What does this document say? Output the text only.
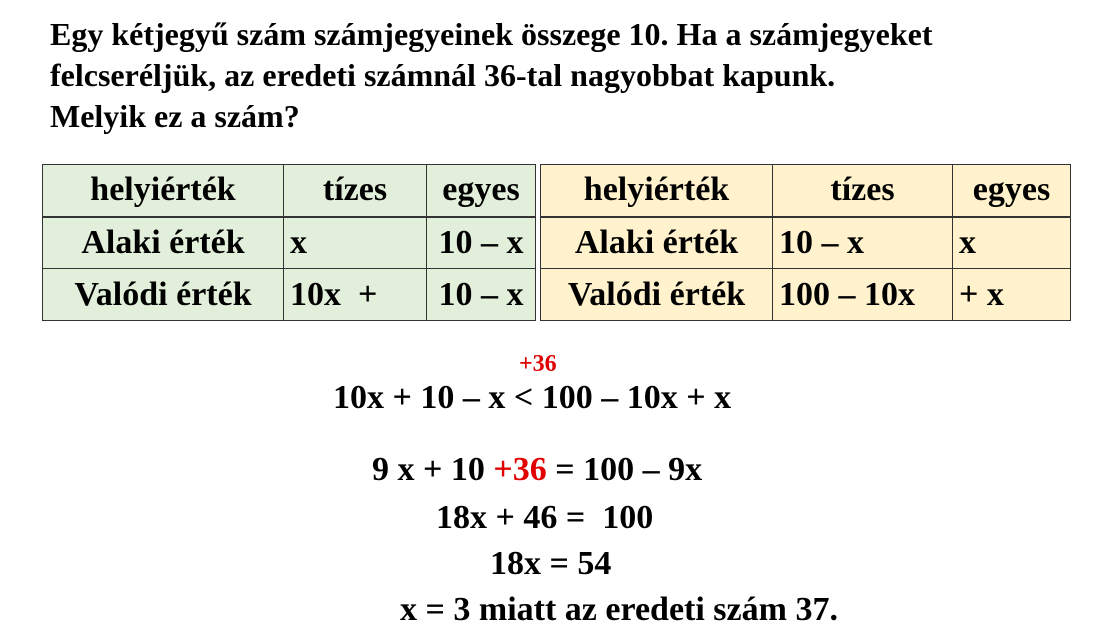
Egy kétjegyű szám számjegyeinek összege 10. Ha a számjegyeket
felcseréljük, az eredeti számnál 36-tal nagyobbat kapunk.
Melyik ez a szám?
helyiérték	tízes	egyes
Alaki érték	x	10 – x
Valódi érték	10x  +	10 – x
helyiérték	tízes	egyes
Alaki érték	10 – x	x
Valódi érték	100 – 10x	+ x
+36
10x + 10 – x < 100 – 10x + x
9 x + 10 +36 = 100 – 9x
18x + 46 =  100
18x = 54
x = 3 miatt az eredeti szám 37.
